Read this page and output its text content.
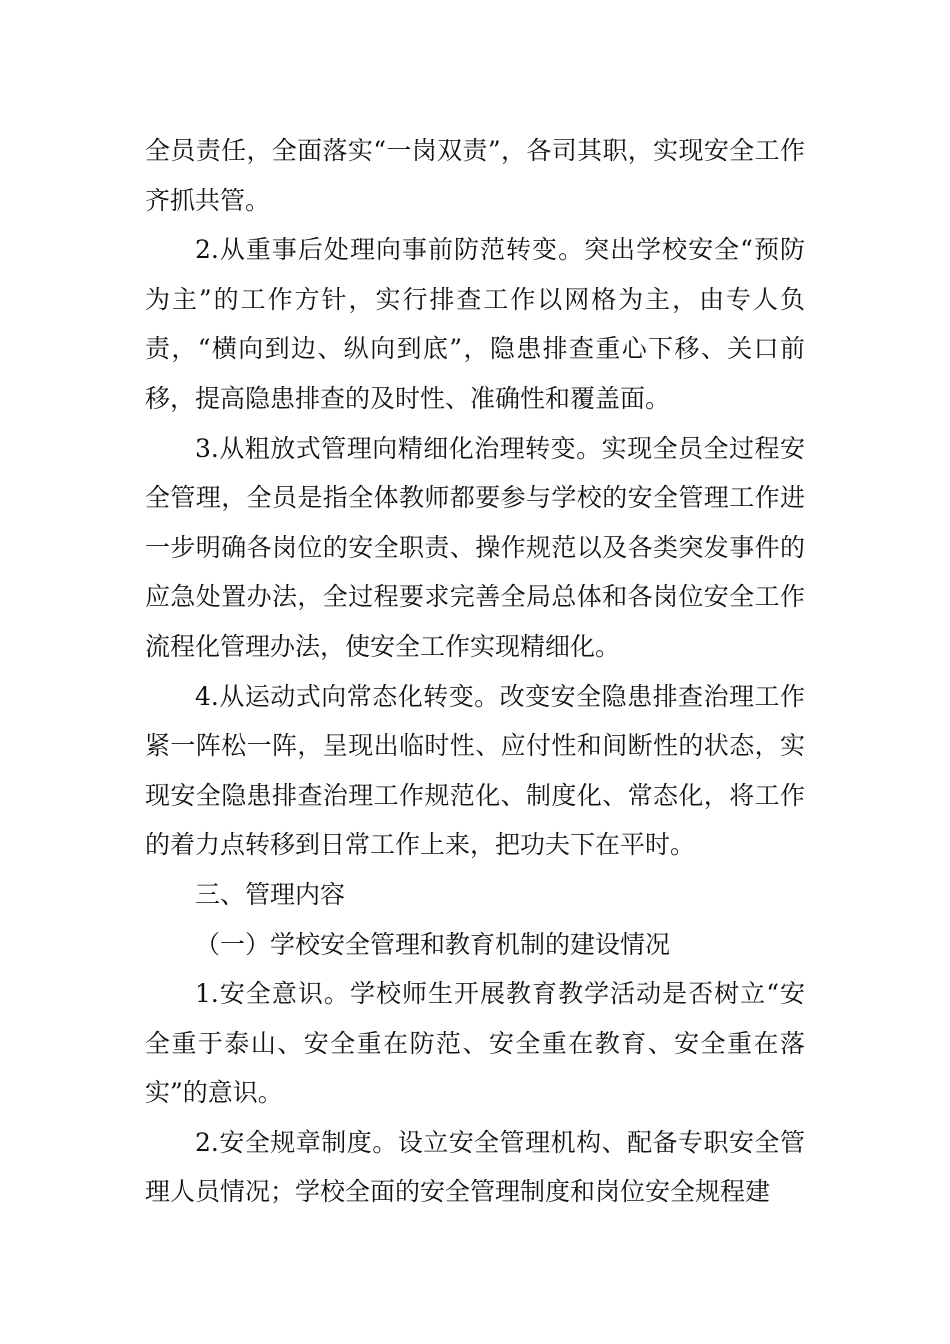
全员责任，全面落实“一岗双责”，各司其职，实现安全工作齐抓共管。

2.从重事后处理向事前防范转变。突出学校安全“预防为主”的工作方针，实行排查工作以网格为主，由专人负责，“横向到边、纵向到底”，隐患排查重心下移、关口前移，提高隐患排查的及时性、准确性和覆盖面。

3.从粗放式管理向精细化治理转变。实现全员全过程安全管理，全员是指全体教师都要参与学校的安全管理工作进一步明确各岗位的安全职责、操作规范以及各类突发事件的应急处置办法，全过程要求完善全局总体和各岗位安全工作流程化管理办法，使安全工作实现精细化。

4.从运动式向常态化转变。改变安全隐患排查治理工作紧一阵松一阵，呈现出临时性、应付性和间断性的状态，实现安全隐患排查治理工作规范化、制度化、常态化，将工作的着力点转移到日常工作上来，把功夫下在平时。

三、管理内容

（一）学校安全管理和教育机制的建设情况

1.安全意识。学校师生开展教育教学活动是否树立“安全重于泰山、安全重在防范、安全重在教育、安全重在落实”的意识。

2.安全规章制度。设立安全管理机构、配备专职安全管理人员情况；学校全面的安全管理制度和岗位安全规程建
